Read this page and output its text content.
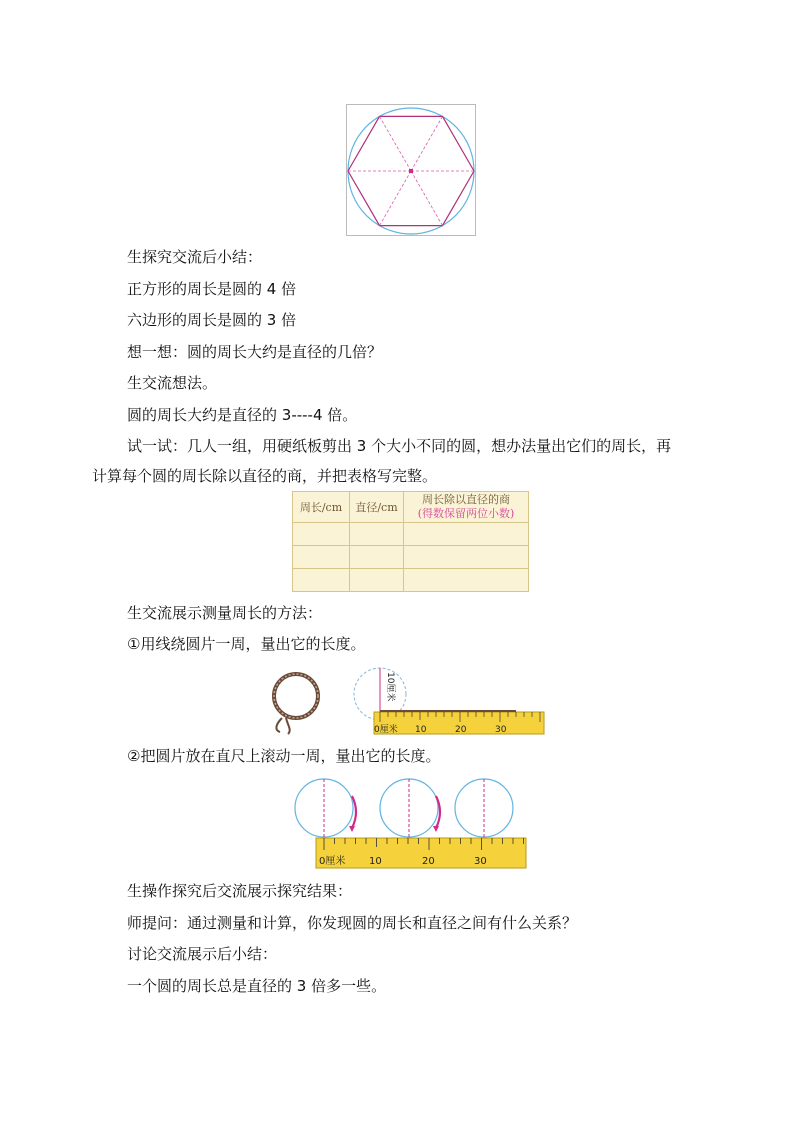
生探究交流后小结：
正方形的周长是圆的 4 倍
六边形的周长是圆的 3 倍
想一想：圆的周长大约是直径的几倍？
生交流想法。
圆的周长大约是直径的 3----4 倍。
试一试：几人一组，用硬纸板剪出 3 个大小不同的圆，想办法量出它们的周长，再
计算每个圆的周长除以直径的商，并把表格写完整。
周长/cm	直径/cm	周长除以直径的商
(得数保留两位小数)

生交流展示测量周长的方法：
①用线绕圆片一周，量出它的长度。
0厘米 10	20	30
10厘米
②把圆片放在直尺上滚动一周，量出它的长度。
0厘米 10	20	30
生操作探究后交流展示探究结果：
师提问：通过测量和计算，你发现圆的周长和直径之间有什么关系？
讨论交流展示后小结：
一个圆的周长总是直径的 3 倍多一些。
